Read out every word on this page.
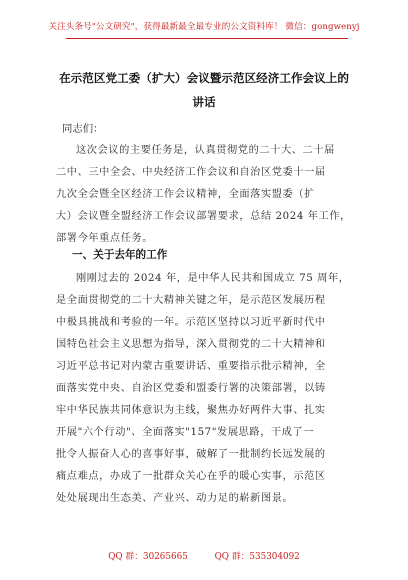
关注头条号"公文研究"，获得最新最全最专业的公文资料库！ 微信：gongwenyj
在示范区党工委（扩大）会议暨示范区经济工作会议上的
讲话
同志们：
这次会议的主要任务是，认真贯彻党的二十大、二十届
二中、三中全会、中央经济工作会议和自治区党委十一届
九次全会暨全区经济工作会议精神，全面落实盟委（扩
大）会议暨全盟经济工作会议部署要求，总结 2024 年工作，
部署今年重点任务。
一、关于去年的工作
刚刚过去的 2024 年，是中华人民共和国成立 75 周年，
是全面贯彻党的二十大精神关键之年，是示范区发展历程
中极具挑战和考验的一年。示范区坚持以习近平新时代中
国特色社会主义思想为指导，深入贯彻党的二十大精神和
习近平总书记对内蒙古重要讲话、重要指示批示精神，全
面落实党中央、自治区党委和盟委行署的决策部署，以铸
牢中华民族共同体意识为主线，聚焦办好两件大事、扎实
开展"六个行动"、全面落实"157"发展思路，干成了一
批令人振奋人心的喜事好事，破解了一批制约长远发展的
痛点难点，办成了一批群众关心在乎的暖心实事，示范区
处处展现出生态美、产业兴、动力足的崭新图景。
QQ 群：30265665	QQ 群：535304092
